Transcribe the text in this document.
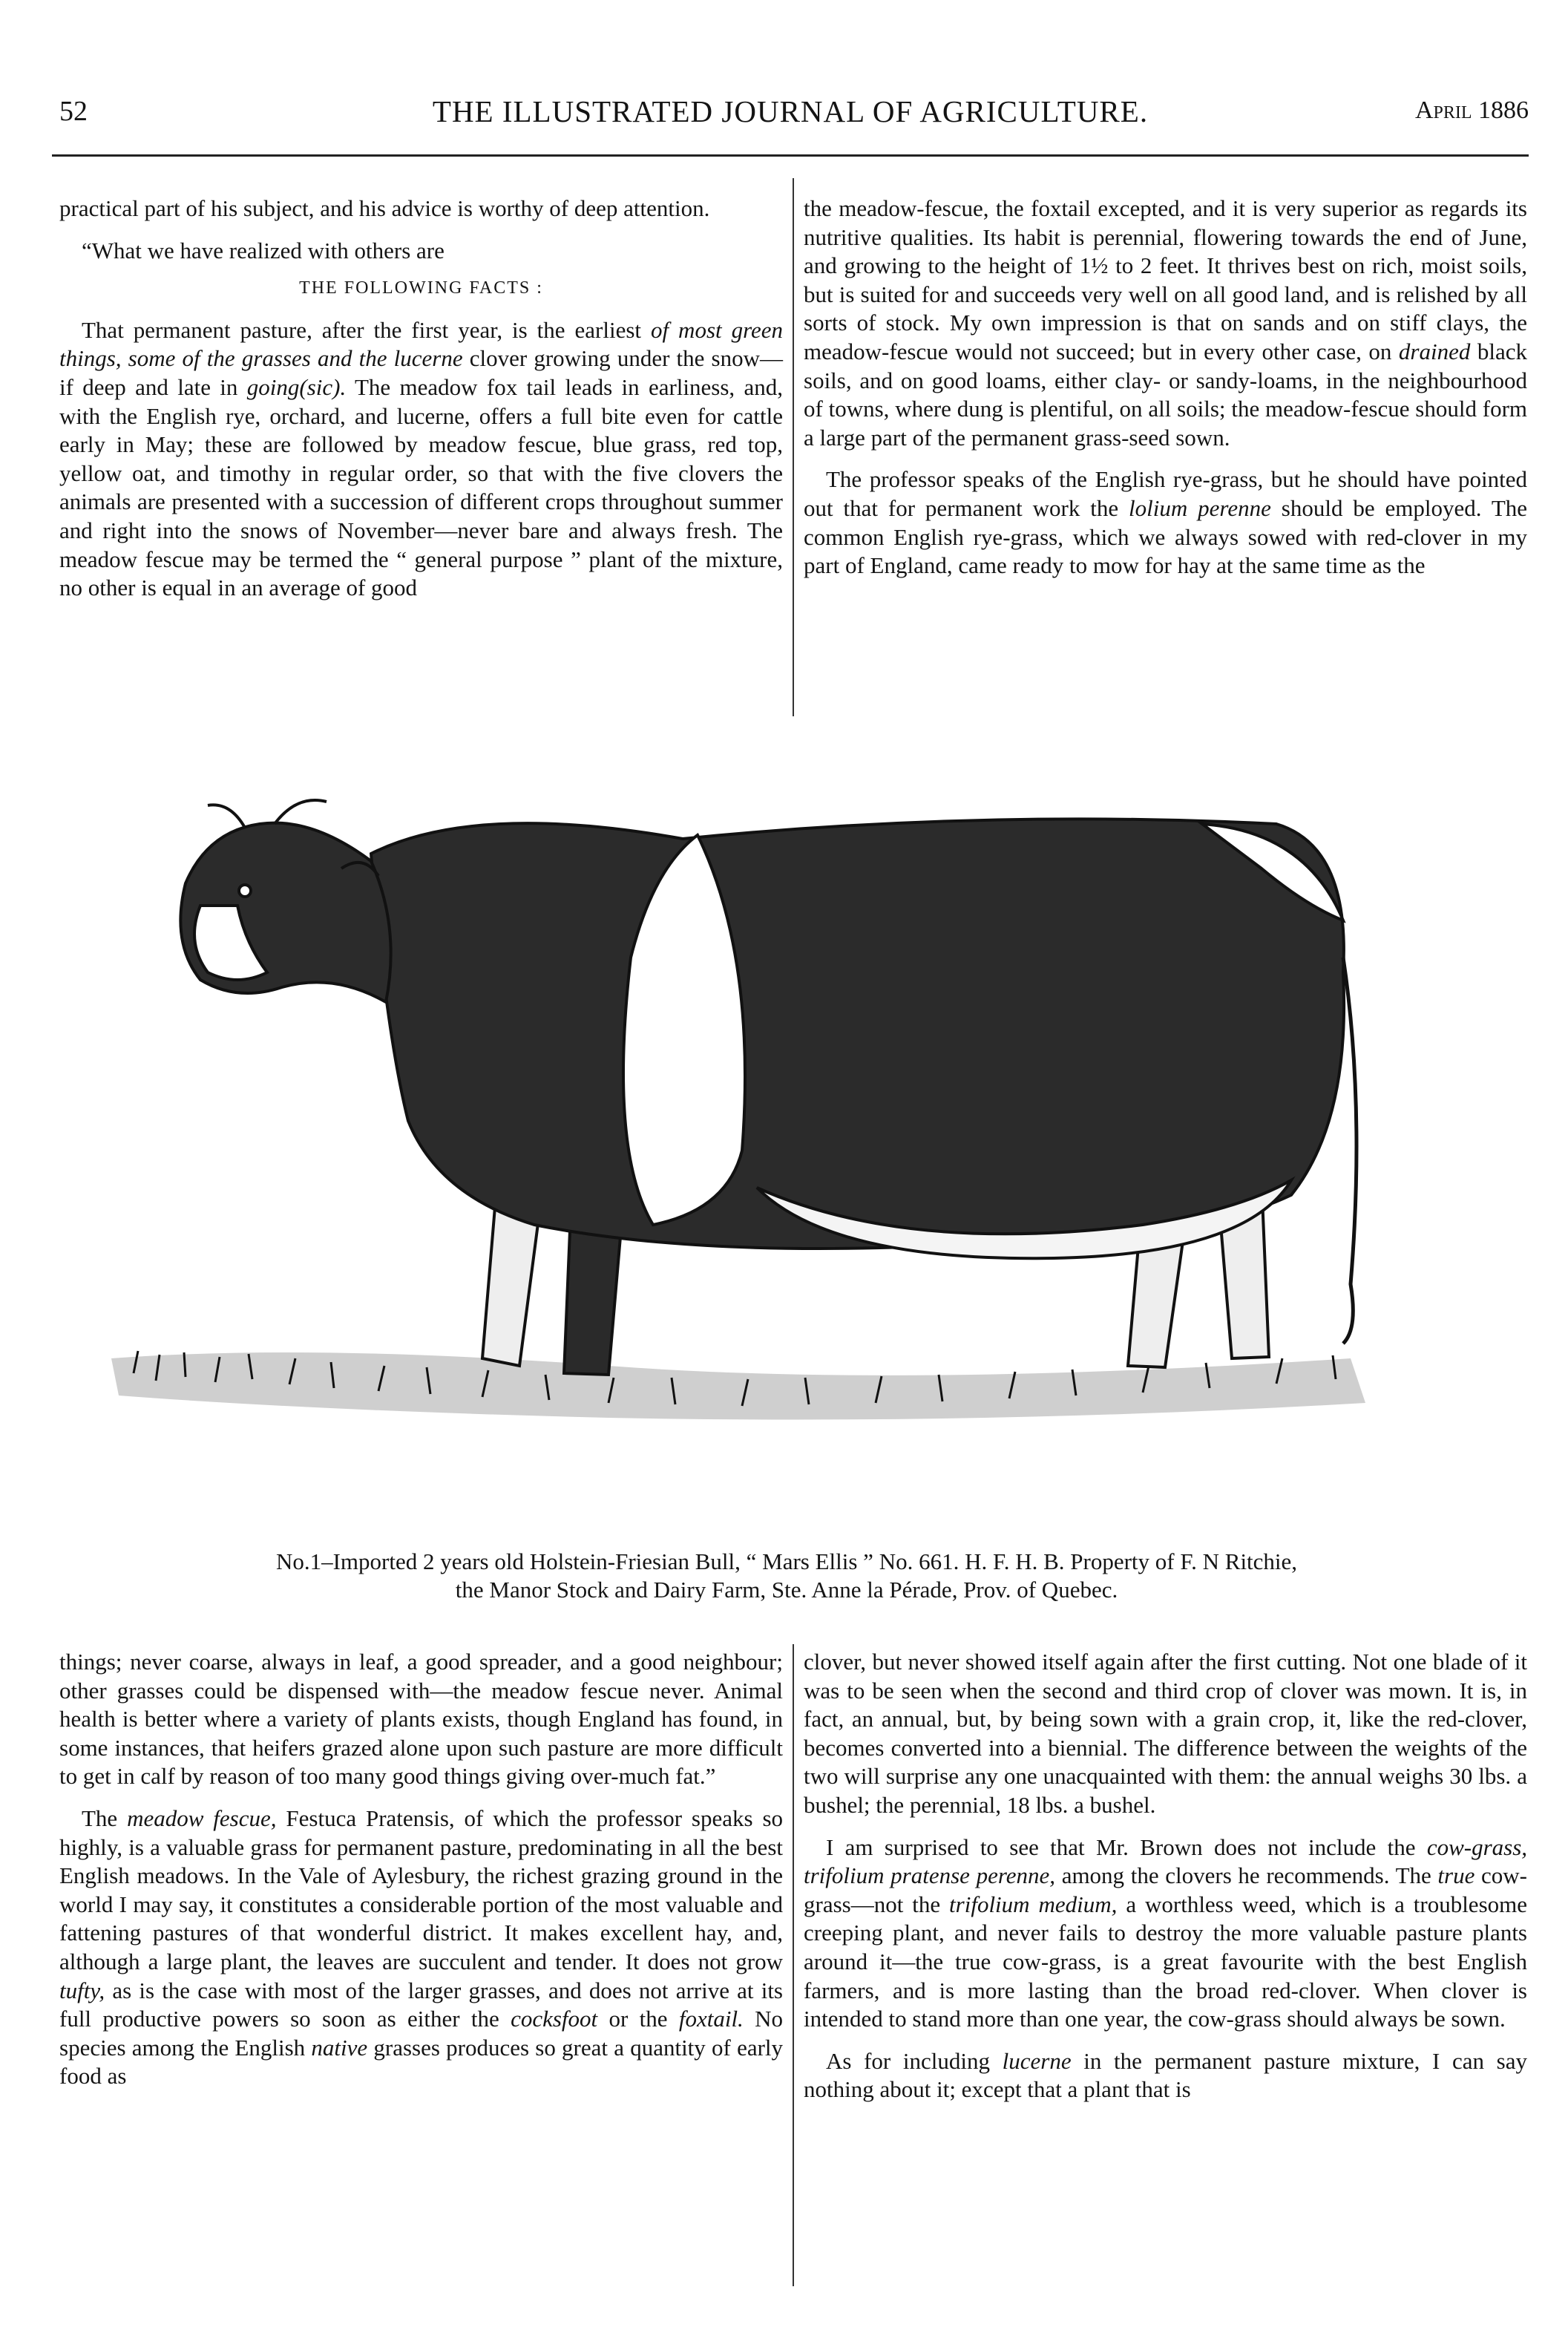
52	THE ILLUSTRATED JOURNAL OF AGRICULTURE.	April 1886

practical part of his subject, and his advice is worthy of deep attention.

“What we have realized with others are

THE FOLLOWING FACTS :

That permanent pasture, after the first year, is the earliest of most green things, some of the grasses and the lucerne clover growing under the snow—if deep and late in going(sic). The meadow fox tail leads in earliness, and, with the English rye, orchard, and lucerne, offers a full bite even for cattle early in May; these are followed by meadow fescue, blue grass, red top, yellow oat, and timothy in regular order, so that with the five clovers the animals are presented with a succession of different crops throughout summer and right into the snows of November—never bare and always fresh. The meadow fescue may be termed the “ general purpose ” plant of the mixture, no other is equal in an average of good

the meadow-fescue, the foxtail excepted, and it is very superior as regards its nutritive qualities. Its habit is perennial, flowering towards the end of June, and growing to the height of 1½ to 2 feet. It thrives best on rich, moist soils, but is suited for and succeeds very well on all good land, and is relished by all sorts of stock. My own impression is that on sands and on stiff clays, the meadow-fescue would not succeed; but in every other case, on drained black soils, and on good loams, either clay- or sandy-loams, in the neighbourhood of towns, where dung is plentiful, on all soils; the meadow-fescue should form a large part of the permanent grass-seed sown.

The professor speaks of the English rye-grass, but he should have pointed out that for permanent work the lolium perenne should be employed. The common English rye-grass, which we always sowed with red-clover in my part of England, came ready to mow for hay at the same time as the

No.1–Imported 2 years old Holstein-Friesian Bull, “ Mars Ellis ” No. 661. H. F. H. B. Property of F. N Ritchie,
the Manor Stock and Dairy Farm, Ste. Anne la Pérade, Prov. of Quebec.

things; never coarse, always in leaf, a good spreader, and a good neighbour; other grasses could be dispensed with—the meadow fescue never. Animal health is better where a variety of plants exists, though England has found, in some instances, that heifers grazed alone upon such pasture are more difficult to get in calf by reason of too many good things giving over-much fat.”

The meadow fescue, Festuca Pratensis, of which the professor speaks so highly, is a valuable grass for permanent pasture, predominating in all the best English meadows. In the Vale of Aylesbury, the richest grazing ground in the world I may say, it constitutes a considerable portion of the most valuable and fattening pastures of that wonderful district. It makes excellent hay, and, although a large plant, the leaves are succulent and tender. It does not grow tufty, as is the case with most of the larger grasses, and does not arrive at its full productive powers so soon as either the cocksfoot or the foxtail. No species among the English native grasses produces so great a quantity of early food as

clover, but never showed itself again after the first cutting. Not one blade of it was to be seen when the second and third crop of clover was mown. It is, in fact, an annual, but, by being sown with a grain crop, it, like the red-clover, becomes converted into a biennial. The difference between the weights of the two will surprise any one unacquainted with them: the annual weighs 30 lbs. a bushel; the perennial, 18 lbs. a bushel.

I am surprised to see that Mr. Brown does not include the cow-grass, trifolium pratense perenne, among the clovers he recommends. The true cow-grass—not the trifolium medium, a worthless weed, which is a troublesome creeping plant, and never fails to destroy the more valuable pasture plants around it—the true cow-grass, is a great favourite with the best English farmers, and is more lasting than the broad red-clover. When clover is intended to stand more than one year, the cow-grass should always be sown.

As for including lucerne in the permanent pasture mixture, I can say nothing about it; except that a plant that is
